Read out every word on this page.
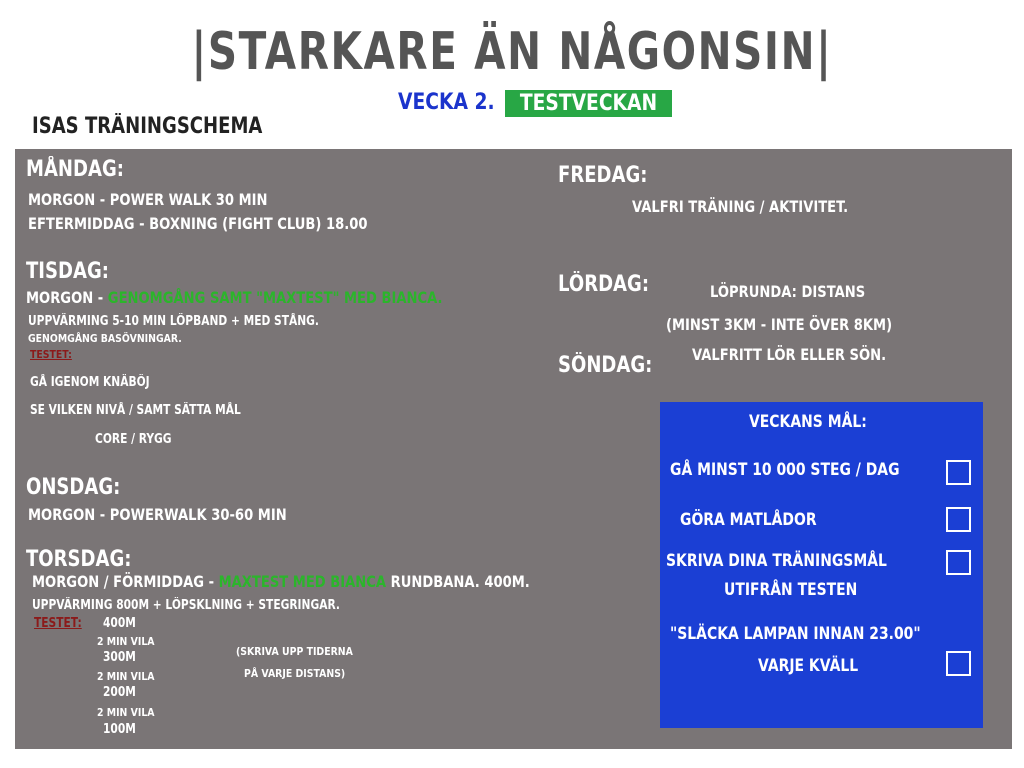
|STARKARE ÄN NÅGONSIN|
VECKA 2. TESTVECKAN
ISAS TRÄNINGSCHEMA
MÅNDAG:
MORGON - POWER WALK 30 MIN
EFTERMIDDAG - BOXNING (FIGHT CLUB) 18.00
TISDAG:
MORGON - GENOMGÅNG SAMT "MAXTEST" MED BIANCA.
UPPVÄRMING 5-10 MIN LÖPBAND + MED STÅNG.
GENOMGÅNG BASÖVNINGAR.
TESTET:
GÅ IGENOM KNÄBÖJ
SE VILKEN NIVÅ / SAMT SÄTTA MÅL
CORE / RYGG
ONSDAG:
MORGON - POWERWALK 30-60 MIN
TORSDAG:
MORGON / FÖRMIDDAG - MAXTEST MED BIANCA RUNDBANA. 400M.
UPPVÄRMING 800M + LÖPSKLNING + STEGRINGAR.
TESTET: 400M
2 MIN VILA
300M
2 MIN VILA
200M
2 MIN VILA
100M
(SKRIVA UPP TIDERNA
PÅ VARJE DISTANS)
FREDAG:
VALFRI TRÄNING / AKTIVITET.
LÖRDAG:	LÖPRUNDA: DISTANS
(MINST 3KM - INTE ÖVER 8KM)
VALFRITT LÖR ELLER SÖN.
SÖNDAG:
VECKANS MÅL:
GÅ MINST 10 000 STEG / DAG
GÖRA MATLÅDOR
SKRIVA DINA TRÄNINGSMÅL
UTIFRÅN TESTEN
"SLÄCKA LAMPAN INNAN 23.00"
VARJE KVÄLL
